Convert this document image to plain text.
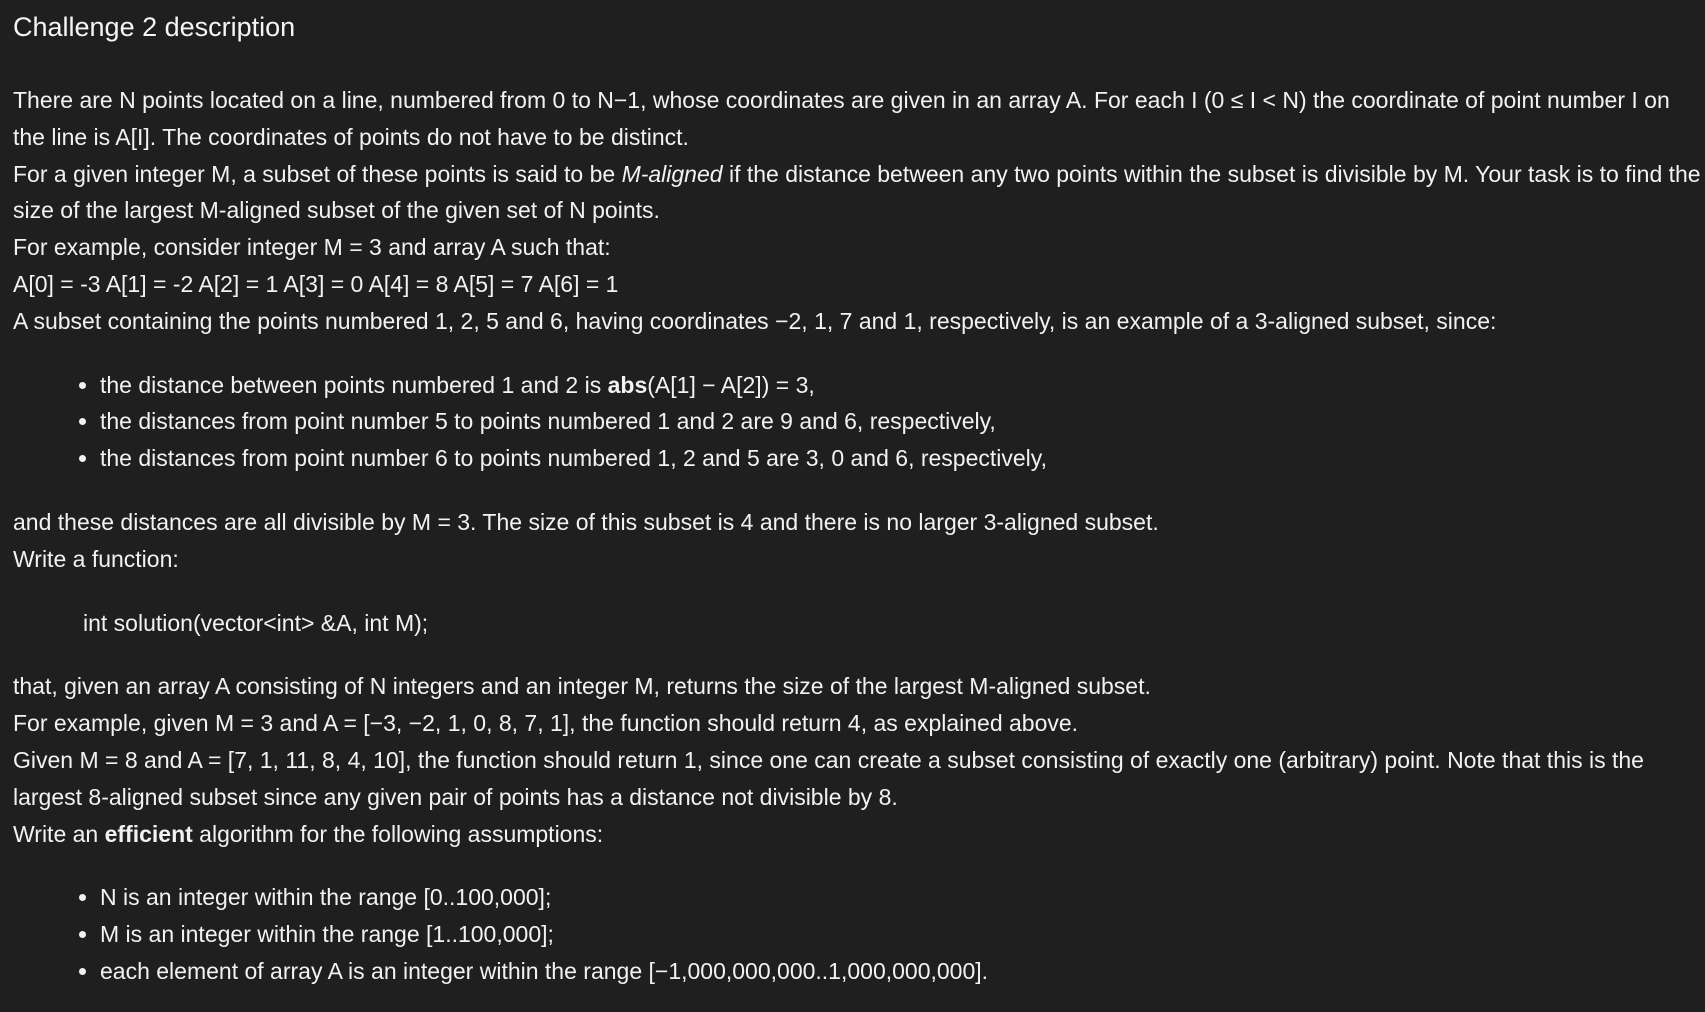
Challenge 2 description
There are N points located on a line, numbered from 0 to N−1, whose coordinates are given in an array A. For each I (0 ≤ I < N) the coordinate of point number I on the line is A[I]. The coordinates of points do not have to be distinct.
For a given integer M, a subset of these points is said to be M-aligned if the distance between any two points within the subset is divisible by M. Your task is to find the size of the largest M-aligned subset of the given set of N points.
For example, consider integer M = 3 and array A such that:
A[0] = -3 A[1] = -2 A[2] = 1 A[3] = 0 A[4] = 8 A[5] = 7 A[6] = 1
A subset containing the points numbered 1, 2, 5 and 6, having coordinates −2, 1, 7 and 1, respectively, is an example of a 3-aligned subset, since:
• the distance between points numbered 1 and 2 is abs(A[1] − A[2]) = 3,
• the distances from point number 5 to points numbered 1 and 2 are 9 and 6, respectively,
• the distances from point number 6 to points numbered 1, 2 and 5 are 3, 0 and 6, respectively,
and these distances are all divisible by M = 3. The size of this subset is 4 and there is no larger 3-aligned subset.
Write a function:
int solution(vector<int> &A, int M);
that, given an array A consisting of N integers and an integer M, returns the size of the largest M-aligned subset.
For example, given M = 3 and A = [−3, −2, 1, 0, 8, 7, 1], the function should return 4, as explained above.
Given M = 8 and A = [7, 1, 11, 8, 4, 10], the function should return 1, since one can create a subset consisting of exactly one (arbitrary) point. Note that this is the largest 8-aligned subset since any given pair of points has a distance not divisible by 8.
Write an efficient algorithm for the following assumptions:
• N is an integer within the range [0..100,000];
• M is an integer within the range [1..100,000];
• each element of array A is an integer within the range [−1,000,000,000..1,000,000,000].
